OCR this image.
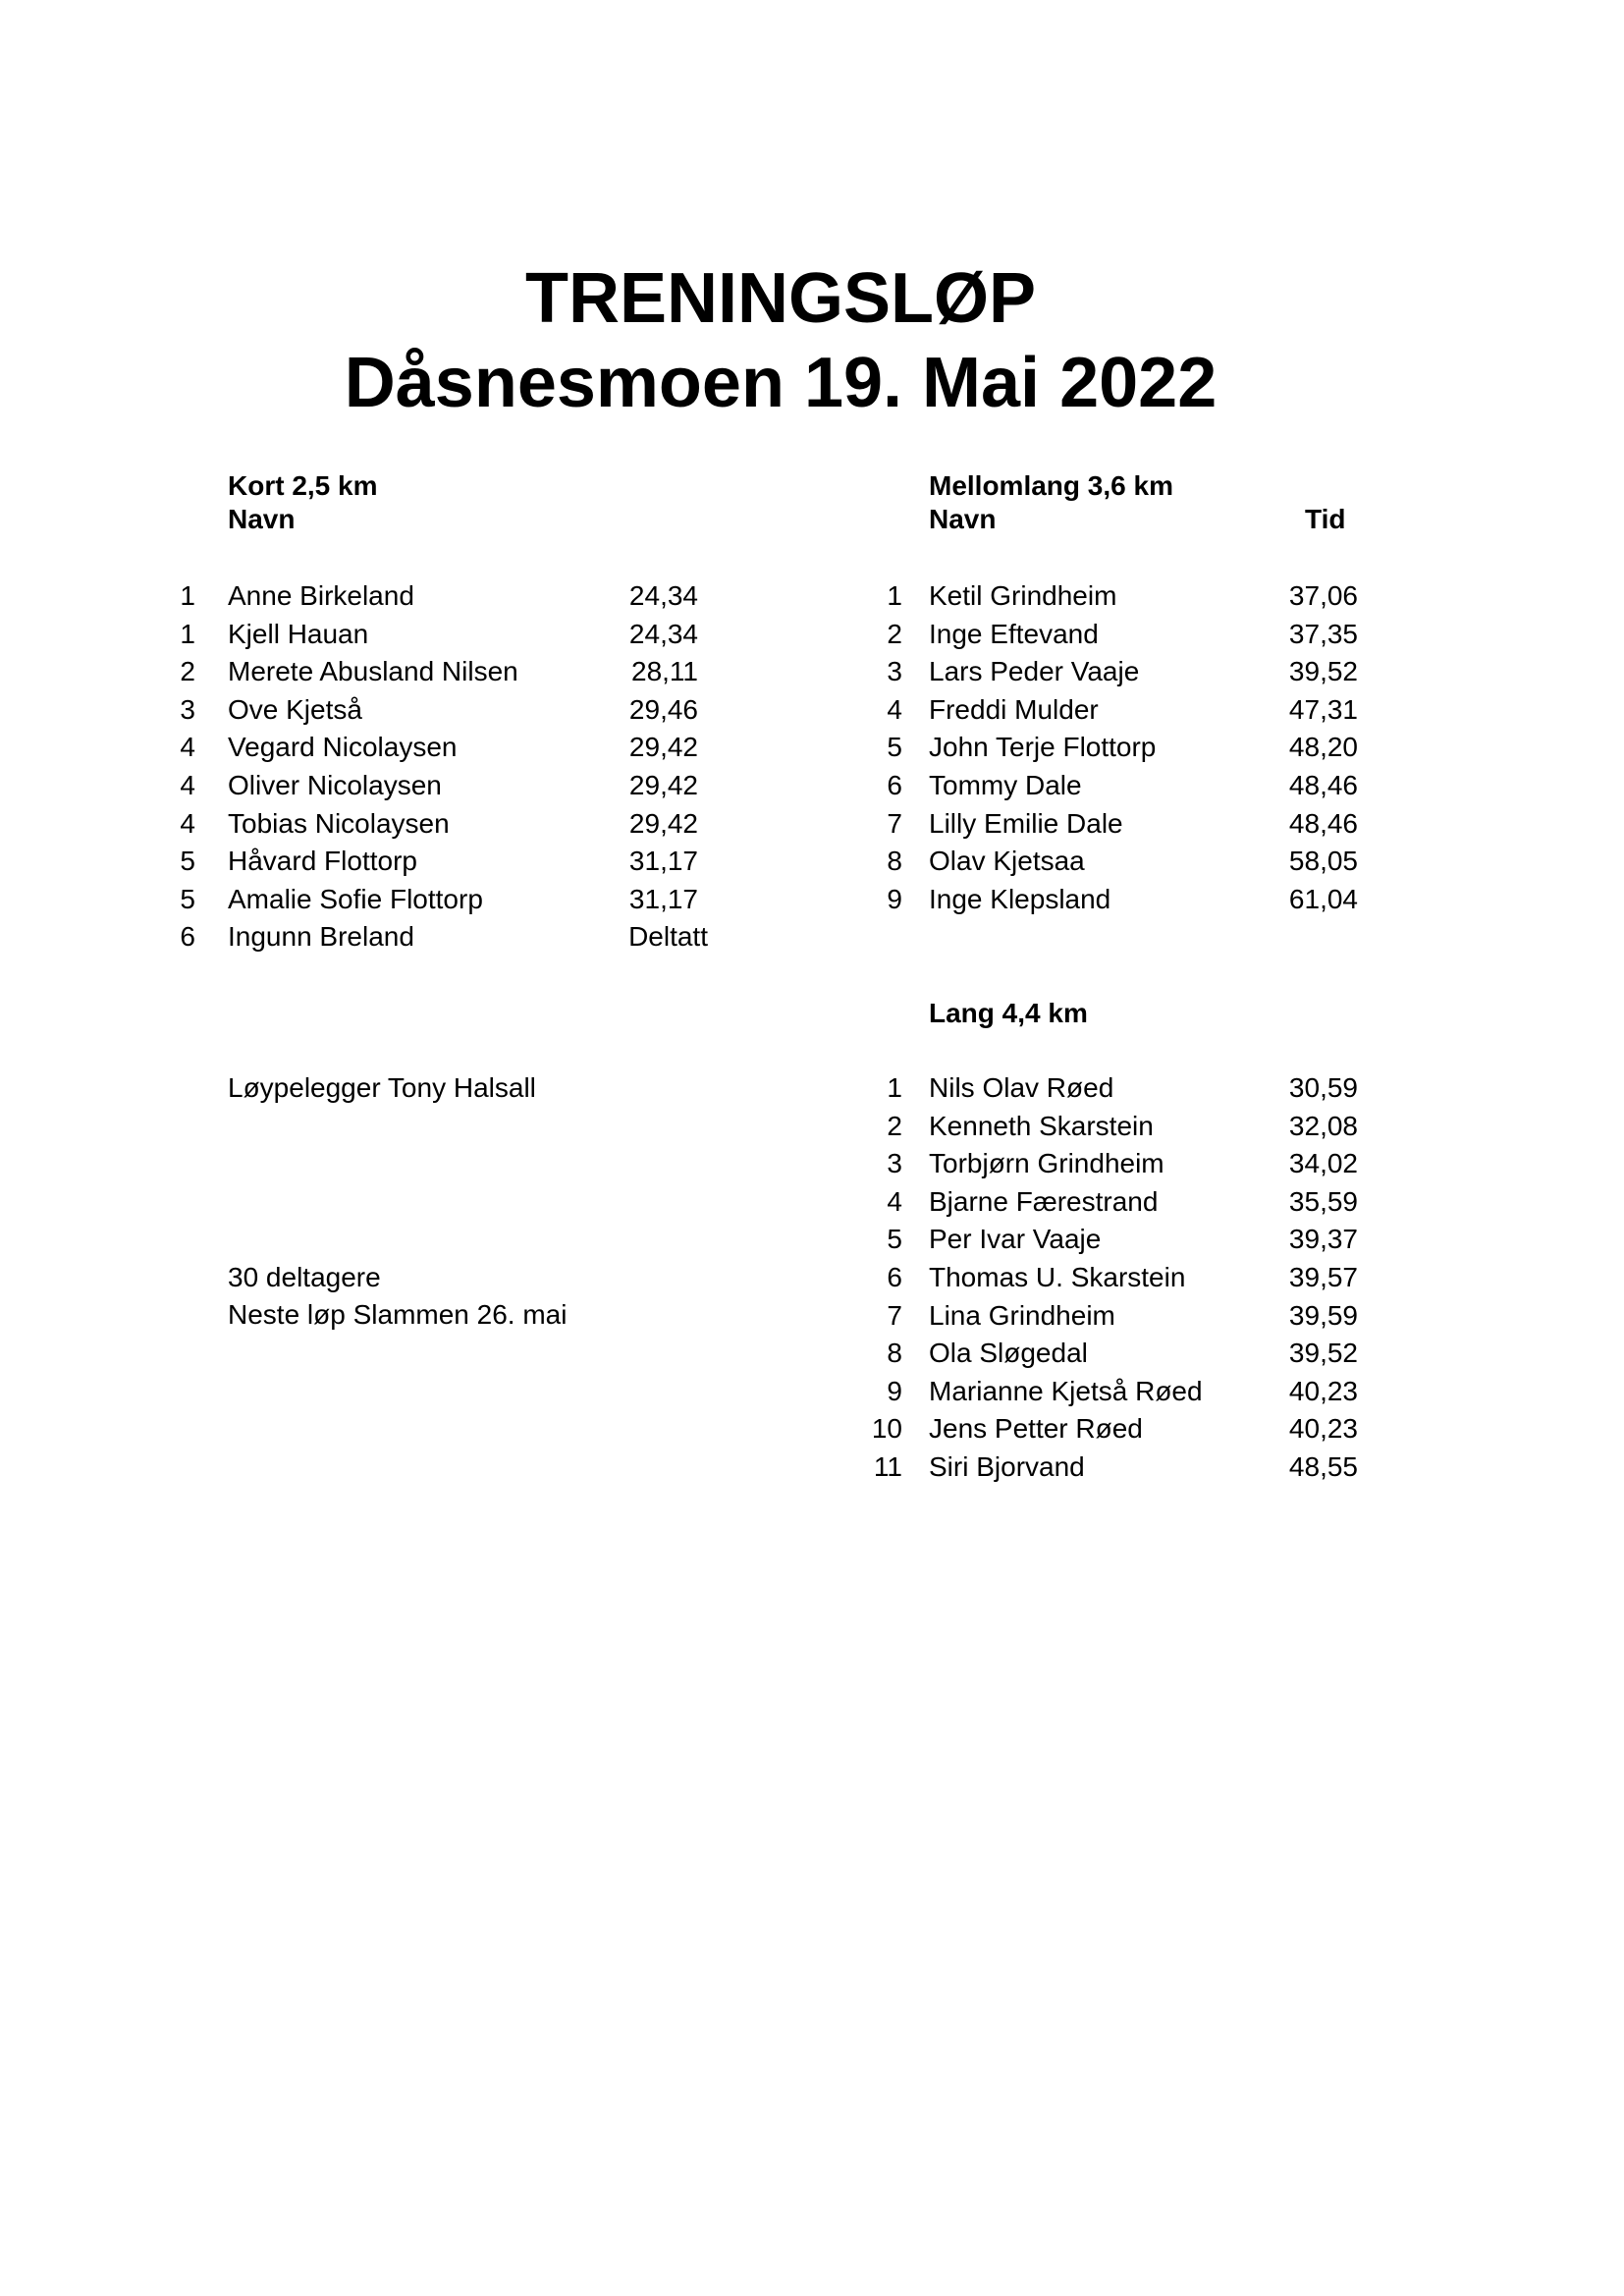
TRENINGSLØP
Dåsnesmoen 19. Mai 2022
Kort 2,5 km
Navn
1 Anne Birkeland	24,34
1 Kjell Hauan	24,34
2 Merete Abusland Nilsen	28,11
3 Ove Kjetså	29,46
4 Vegard Nicolaysen	29,42
4 Oliver Nicolaysen	29,42
4 Tobias Nicolaysen	29,42
5 Håvard Flottorp	31,17
5 Amalie Sofie Flottorp	31,17
6 Ingunn Breland	Deltatt
Mellomlang 3,6 km
Navn	Tid
1 Ketil Grindheim	37,06
2 Inge Eftevand	37,35
3 Lars Peder Vaaje	39,52
4 Freddi Mulder	47,31
5 John Terje Flottorp	48,20
6 Tommy Dale	48,46
7 Lilly Emilie Dale	48,46
8 Olav Kjetsaa	58,05
9 Inge Klepsland	61,04
Lang 4,4 km
1 Nils Olav Røed	30,59
2 Kenneth Skarstein	32,08
3 Torbjørn Grindheim	34,02
4 Bjarne Færestrand	35,59
5 Per Ivar Vaaje	39,37
6 Thomas U. Skarstein	39,57
7 Lina Grindheim	39,59
8 Ola Sløgedal	39,52
9 Marianne Kjetså Røed	40,23
10 Jens Petter Røed	40,23
11 Siri Bjorvand	48,55
Løypelegger Tony Halsall
30 deltagere
Neste løp Slammen 26. mai
